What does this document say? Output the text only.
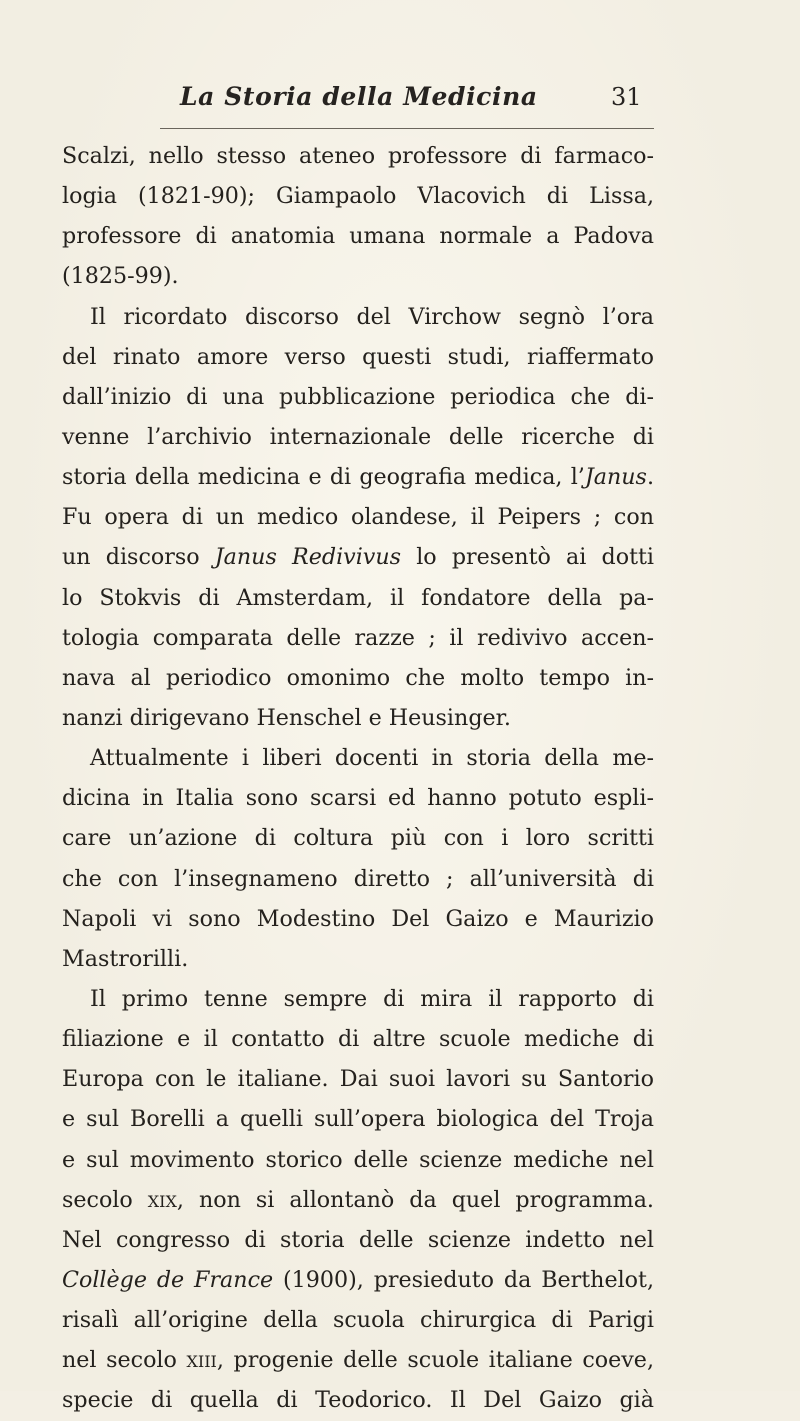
La Storia della Medicina	31
Scalzi, nello stesso ateneo professore di farmaco-
logia (1821-90); Giampaolo Vlacovich di Lissa,
professore di anatomia umana normale a Padova
(1825-99).
Il ricordato discorso del Virchow segnò l’ora
del rinato amore verso questi studi, riaffermato
dall’inizio di una pubblicazione periodica che di-
venne l’archivio internazionale delle ricerche di
storia della medicina e di geografia medica, l’Janus.
Fu opera di un medico olandese, il Peipers ; con
un discorso Janus Redivivus lo presentò ai dotti
lo Stokvis di Amsterdam, il fondatore della pa-
tologia comparata delle razze ; il redivivo accen-
nava al periodico omonimo che molto tempo in-
nanzi dirigevano Henschel e Heusinger.
Attualmente i liberi docenti in storia della me-
dicina in Italia sono scarsi ed hanno potuto espli-
care un’azione di coltura più con i loro scritti
che con l’insegnameno diretto ; all’università di
Napoli vi sono Modestino Del Gaizo e Maurizio
Mastrorilli.
Il primo tenne sempre di mira il rapporto di
filiazione e il contatto di altre scuole mediche di
Europa con le italiane. Dai suoi lavori su Santorio
e sul Borelli a quelli sull’opera biologica del Troja
e sul movimento storico delle scienze mediche nel
secolo xix, non si allontanò da quel programma.
Nel congresso di storia delle scienze indetto nel
Collège de France (1900), presieduto da Berthelot,
risalì all’origine della scuola chirurgica di Parigi
nel secolo xiii, progenie delle scuole italiane coeve,
specie di quella di Teodorico. Il Del Gaizo già
